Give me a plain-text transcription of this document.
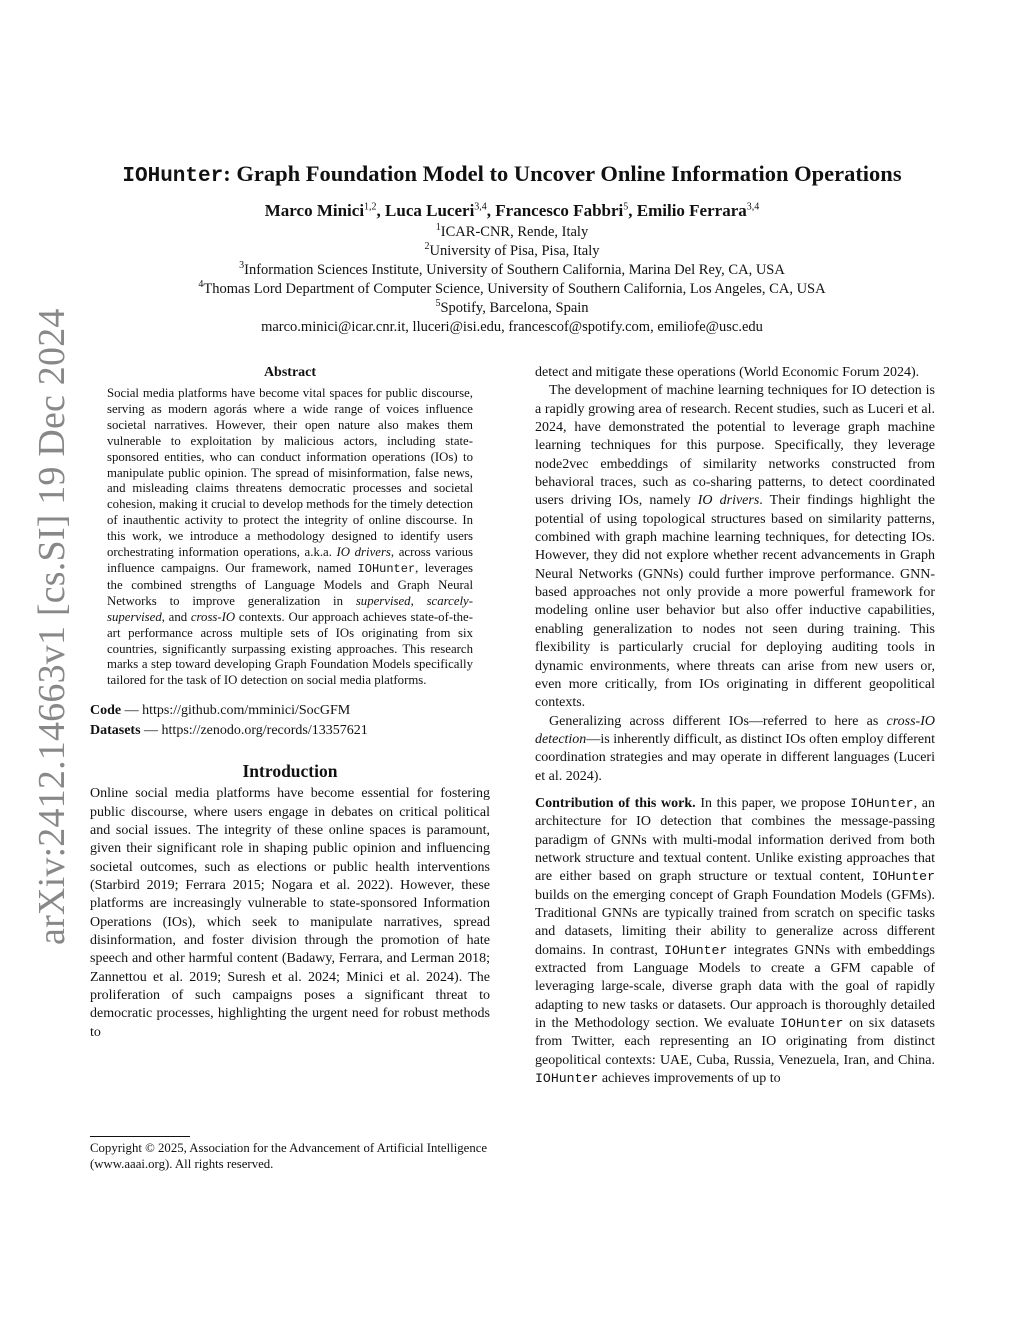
arXiv:2412.14663v1 [cs.SI] 19 Dec 2024
IOHunter: Graph Foundation Model to Uncover Online Information Operations
Marco Minici$^{1,2}$, Luca Luceri$^{3,4}$, Francesco Fabbri$^5$, Emilio Ferrara$^{3,4}$
$^1$ICAR-CNR, Rende, Italy
$^2$University of Pisa, Pisa, Italy
$^3$Information Sciences Institute, University of Southern California, Marina Del Rey, CA, USA
$^4$Thomas Lord Department of Computer Science, University of Southern California, Los Angeles, CA, USA
$^5$Spotify, Barcelona, Spain
marco.minici@icar.cnr.it, lluceri@isi.edu, francescof@spotify.com, emiliofe@usc.edu
Abstract

Social media platforms have become vital spaces for public discourse, serving as modern agorás where a wide range of voices influence societal narratives. However, their open nature also makes them vulnerable to exploitation by malicious actors, including state-sponsored entities, who can conduct information operations (IOs) to manipulate public opinion. The spread of misinformation, false news, and misleading claims threatens democratic processes and societal cohesion, making it crucial to develop methods for the timely detection of inauthentic activity to protect the integrity of online discourse. In this work, we introduce a methodology designed to identify users orchestrating information operations, a.k.a. IO drivers, across various influence campaigns. Our framework, named IOHunter, leverages the combined strengths of Language Models and Graph Neural Networks to improve generalization in supervised, scarcely-supervised, and cross-IO contexts. Our approach achieves state-of-the-art performance across multiple sets of IOs originating from six countries, significantly surpassing existing approaches. This research marks a step toward developing Graph Foundation Models specifically tailored for the task of IO detection on social media platforms.

Code — https://github.com/mminici/SocGFM
Datasets — https://zenodo.org/records/13357621
Introduction

Online social media platforms have become essential for fostering public discourse, where users engage in debates on critical political and social issues. The integrity of these online spaces is paramount, given their significant role in shaping public opinion and influencing societal outcomes, such as elections or public health interventions (Starbird 2019; Ferrara 2015; Nogara et al. 2022). However, these platforms are increasingly vulnerable to state-sponsored Information Operations (IOs), which seek to manipulate narratives, spread disinformation, and foster division through the promotion of hate speech and other harmful content (Badawy, Ferrara, and Lerman 2018; Zannettou et al. 2019; Suresh et al. 2024; Minici et al. 2024). The proliferation of such campaigns poses a significant threat to democratic processes, highlighting the urgent need for robust methods to

Copyright © 2025, Association for the Advancement of Artificial Intelligence (www.aaai.org). All rights reserved.

detect and mitigate these operations (World Economic Forum 2024).

The development of machine learning techniques for IO detection is a rapidly growing area of research. Recent studies, such as Luceri et al. 2024, have demonstrated the potential to leverage graph machine learning techniques for this purpose. Specifically, they leverage node2vec embeddings of similarity networks constructed from behavioral traces, such as co-sharing patterns, to detect coordinated users driving IOs, namely IO drivers. Their findings highlight the potential of using topological structures based on similarity patterns, combined with graph machine learning techniques, for detecting IOs. However, they did not explore whether recent advancements in Graph Neural Networks (GNNs) could further improve performance. GNN-based approaches not only provide a more powerful framework for modeling online user behavior but also offer inductive capabilities, enabling generalization to nodes not seen during training. This flexibility is particularly crucial for deploying auditing tools in dynamic environments, where threats can arise from new users or, even more critically, from IOs originating in different geopolitical contexts.

Generalizing across different IOs—referred to here as cross-IO detection—is inherently difficult, as distinct IOs often employ different coordination strategies and may operate in different languages (Luceri et al. 2024).

Contribution of this work. In this paper, we propose IOHunter, an architecture for IO detection that combines the message-passing paradigm of GNNs with multi-modal information derived from both network structure and textual content. Unlike existing approaches that are either based on graph structure or textual content, IOHunter builds on the emerging concept of Graph Foundation Models (GFMs). Traditional GNNs are typically trained from scratch on specific tasks and datasets, limiting their ability to generalize across different domains. In contrast, IOHunter integrates GNNs with embeddings extracted from Language Models to create a GFM capable of leveraging large-scale, diverse graph data with the goal of rapidly adapting to new tasks or datasets. Our approach is thoroughly detailed in the Methodology section. We evaluate IOHunter on six datasets from Twitter, each representing an IO originating from distinct geopolitical contexts: UAE, Cuba, Russia, Venezuela, Iran, and China. IOHunter achieves improvements of up to
